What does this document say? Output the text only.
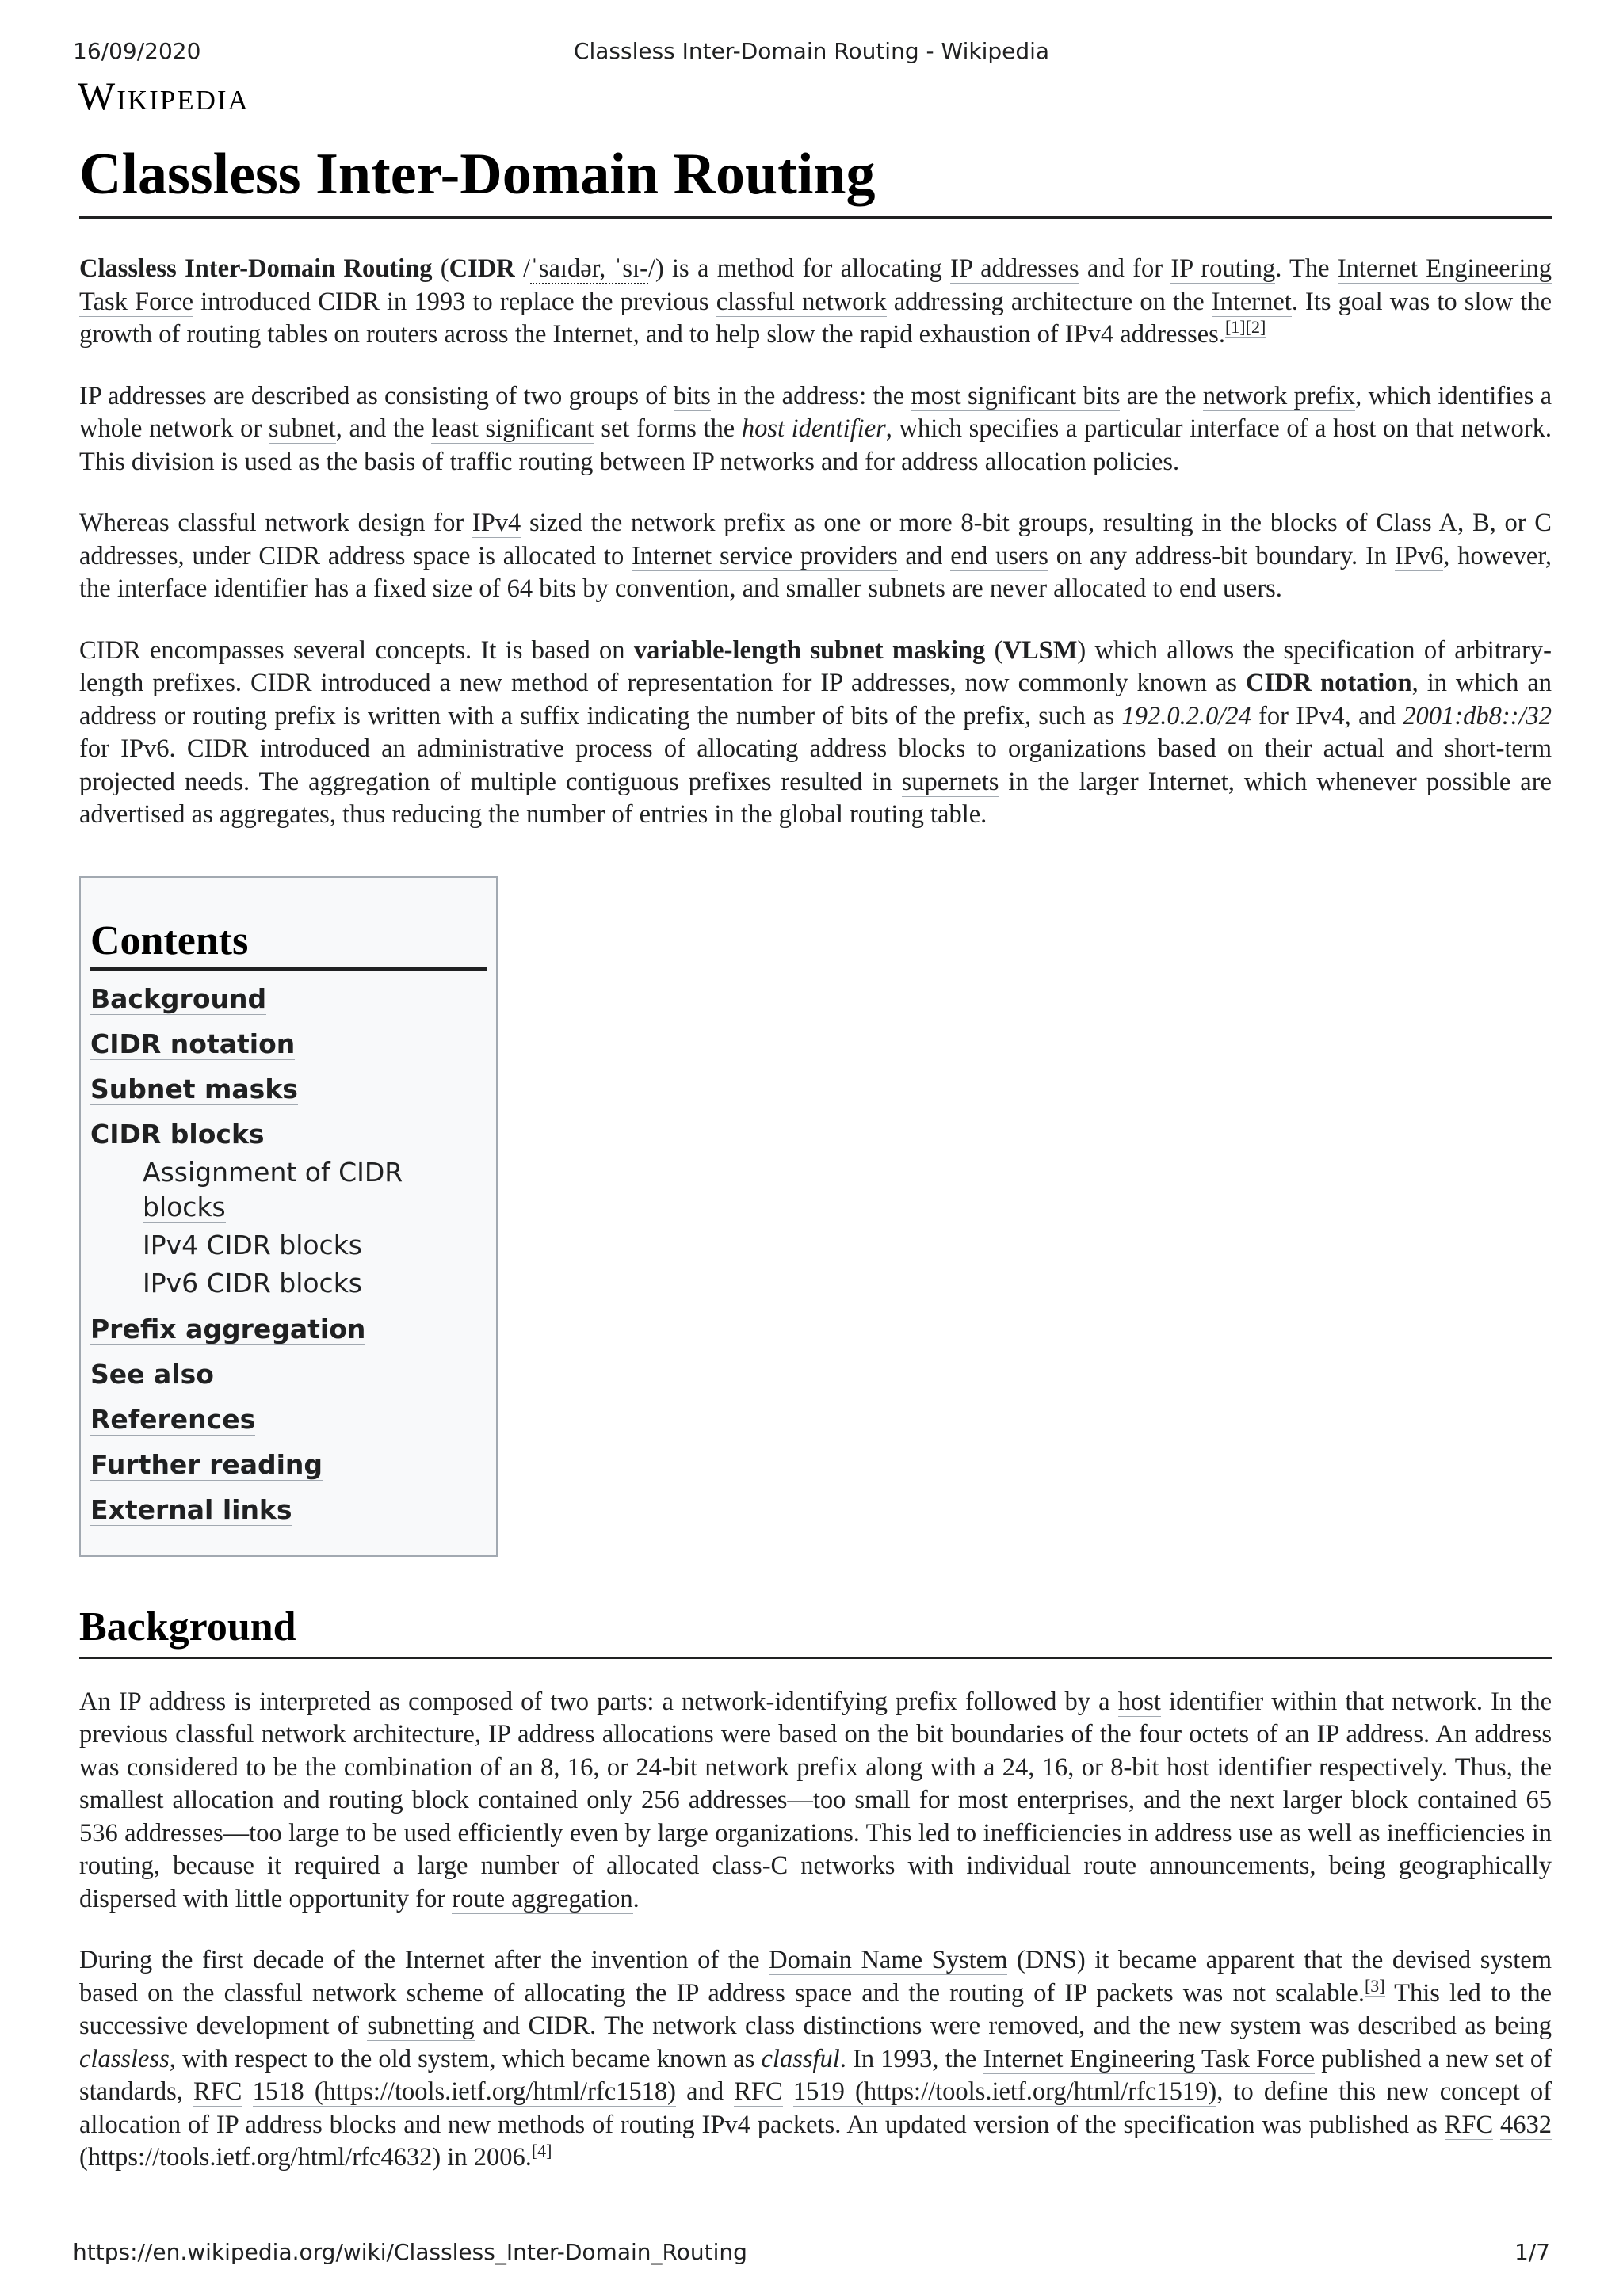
16/09/2020	Classless Inter-Domain Routing - Wikipedia
Wikipedia
Classless Inter-Domain Routing

Classless Inter-Domain Routing (CIDR /ˈsaɪdər, ˈsɪ-/) is a method for allocating IP addresses and for IP routing. The Internet Engineering Task Force introduced CIDR in 1993 to replace the previous classful network addressing architecture on the Internet. Its goal was to slow the growth of routing tables on routers across the Internet, and to help slow the rapid exhaustion of IPv4 addresses.[1][2]

IP addresses are described as consisting of two groups of bits in the address: the most significant bits are the network prefix, which identifies a whole network or subnet, and the least significant set forms the host identifier, which specifies a particular interface of a host on that network. This division is used as the basis of traffic routing between IP networks and for address allocation policies.

Whereas classful network design for IPv4 sized the network prefix as one or more 8-bit groups, resulting in the blocks of Class A, B, or C addresses, under CIDR address space is allocated to Internet service providers and end users on any address-bit boundary. In IPv6, however, the interface identifier has a fixed size of 64 bits by convention, and smaller subnets are never allocated to end users.

CIDR encompasses several concepts. It is based on variable-length subnet masking (VLSM) which allows the specification of arbitrary-length prefixes. CIDR introduced a new method of representation for IP addresses, now commonly known as CIDR notation, in which an address or routing prefix is written with a suffix indicating the number of bits of the prefix, such as 192.0.2.0/24 for IPv4, and 2001:db8::/32 for IPv6. CIDR introduced an administrative process of allocating address blocks to organizations based on their actual and short-term projected needs. The aggregation of multiple contiguous prefixes resulted in supernets in the larger Internet, which whenever possible are advertised as aggregates, thus reducing the number of entries in the global routing table.

Contents
Background
CIDR notation
Subnet masks
CIDR blocks
Assignment of CIDR blocks
IPv4 CIDR blocks
IPv6 CIDR blocks
Prefix aggregation
See also
References
Further reading
External links
Background

An IP address is interpreted as composed of two parts: a network-identifying prefix followed by a host identifier within that network. In the previous classful network architecture, IP address allocations were based on the bit boundaries of the four octets of an IP address. An address was considered to be the combination of an 8, 16, or 24-bit network prefix along with a 24, 16, or 8-bit host identifier respectively. Thus, the smallest allocation and routing block contained only 256 addresses—too small for most enterprises, and the next larger block contained 65 536 addresses—too large to be used efficiently even by large organizations. This led to inefficiencies in address use as well as inefficiencies in routing, because it required a large number of allocated class-C networks with individual route announcements, being geographically dispersed with little opportunity for route aggregation.

During the first decade of the Internet after the invention of the Domain Name System (DNS) it became apparent that the devised system based on the classful network scheme of allocating the IP address space and the routing of IP packets was not scalable.[3] This led to the successive development of subnetting and CIDR. The network class distinctions were removed, and the new system was described as being classless, with respect to the old system, which became known as classful. In 1993, the Internet Engineering Task Force published a new set of standards, RFC 1518 (https://tools.ietf.org/html/rfc1518) and RFC 1519 (https://tools.ietf.org/html/rfc1519), to define this new concept of allocation of IP address blocks and new methods of routing IPv4 packets. An updated version of the specification was published as RFC 4632 (https://tools.ietf.org/html/rfc4632) in 2006.[4]

https://en.wikipedia.org/wiki/Classless_Inter-Domain_Routing	1/7
